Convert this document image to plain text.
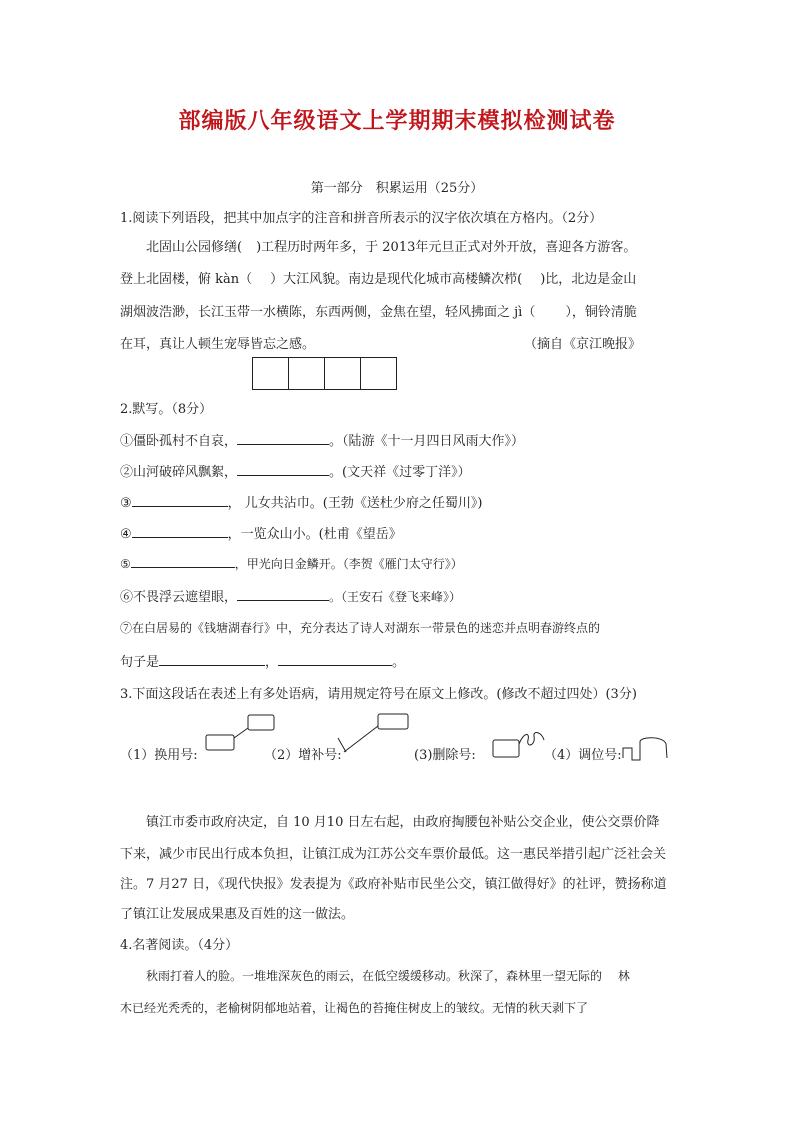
部编版八年级语文上学期期末模拟检测试卷
第一部分　积累运用（25分）
1.阅读下列语段，把其中加点字的注音和拼音所表示的汉字依次填在方格内。（2分）
北固山公园修缮( )工程历时两年多，于 2013年元旦正式对外开放，喜迎各方游客。
登上北固楼，俯 kàn（ ）大江风貌。南边是现代化城市高楼鳞次栉( )比，北边是金山
湖烟波浩渺，长江玉带一水横陈，东西两侧，金焦在望，轻风拂面之 jì（ ），铜铃清脆
在耳，真让人顿生宠辱皆忘之感。	（摘自《京江晚报》
2.默写。（8分）
①僵卧孤村不自哀，	。（陆游《十一月四日风雨大作》）
②山河破碎风飘絮，	。(文天祥《过零丁洋》）
③	， 儿女共沾巾。(王勃《送杜少府之任蜀川》)
④	，一览众山小。(杜甫《望岳》
⑤	，甲光向日金鳞开。（李贺《雁门太守行》）
⑥不畏浮云遮望眼，	。（王安石《登飞来峰》）
⑦在白居易的《钱塘湖春行》中，充分表达了诗人对湖东一带景色的迷恋并点明春游终点的
句子是	，	。
3.下面这段话在表述上有多处语病，请用规定符号在原文上修改。(修改不超过四处）(3分)
（1）换用号:	（2）增补号:	(3)删除号:	（4）调位号:
镇江市委市政府决定，自 10 月10 日左右起，由政府掏腰包补贴公交企业，使公交票价降
下来，减少市民出行成本负担，让镇江成为江苏公交车票价最低。这一惠民举措引起广泛社会关
注。7 月27 日，《现代快报》发表提为《政府补贴市民坐公交，镇江做得好》的社评，赞扬称道
了镇江让发展成果惠及百姓的这一做法。
4.名著阅读。（4分）
秋雨打着人的脸。一堆堆深灰色的雨云，在低空缓缓移动。秋深了，森林里一望无际的　 林
木已经光秃秃的，老榆树阴郁地站着，让褐色的苔掩住树皮上的皱纹。无情的秋天剥下了
